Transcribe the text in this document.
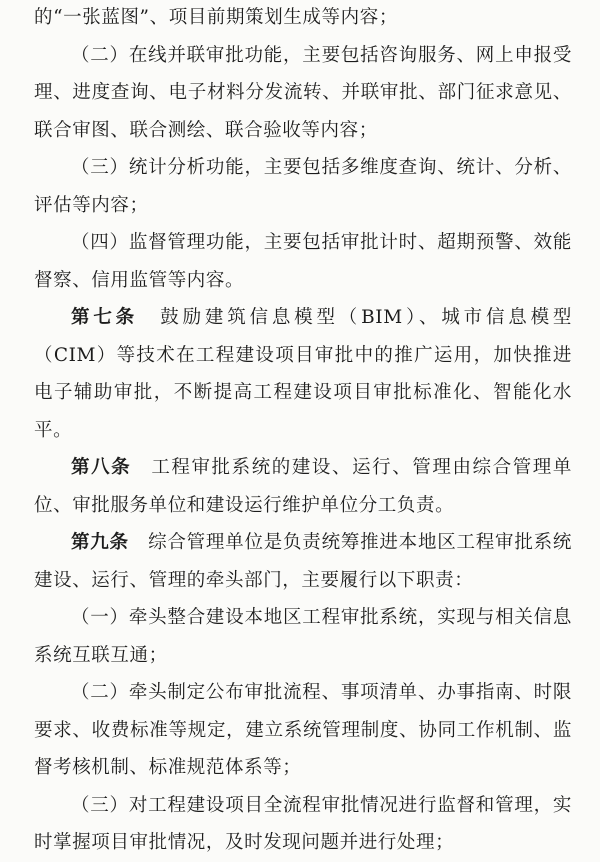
的“一张蓝图”、项目前期策划生成等内容；

（二）在线并联审批功能，主要包括咨询服务、网上申报受理、进度查询、电子材料分发流转、并联审批、部门征求意见、联合审图、联合测绘、联合验收等内容；

（三）统计分析功能，主要包括多维度查询、统计、分析、评估等内容；

（四）监督管理功能，主要包括审批计时、超期预警、效能督察、信用监管等内容。

第七条　 鼓励建筑信息模型（BIM）、城市信息模型（CIM）等技术在工程建设项目审批中的推广运用，加快推进电子辅助审批，不断提高工程建设项目审批标准化、智能化水平。

第八条　 工程审批系统的建设、运行、管理由综合管理单位、审批服务单位和建设运行维护单位分工负责。

第九条　 综合管理单位是负责统筹推进本地区工程审批系统建设、运行、管理的牵头部门，主要履行以下职责：

（一）牵头整合建设本地区工程审批系统，实现与相关信息系统互联互通；

（二）牵头制定公布审批流程、事项清单、办事指南、时限要求、收费标准等规定，建立系统管理制度、协同工作机制、监督考核机制、标准规范体系等；

（三）对工程建设项目全流程审批情况进行监督和管理，实时掌握项目审批情况，及时发现问题并进行处理；
